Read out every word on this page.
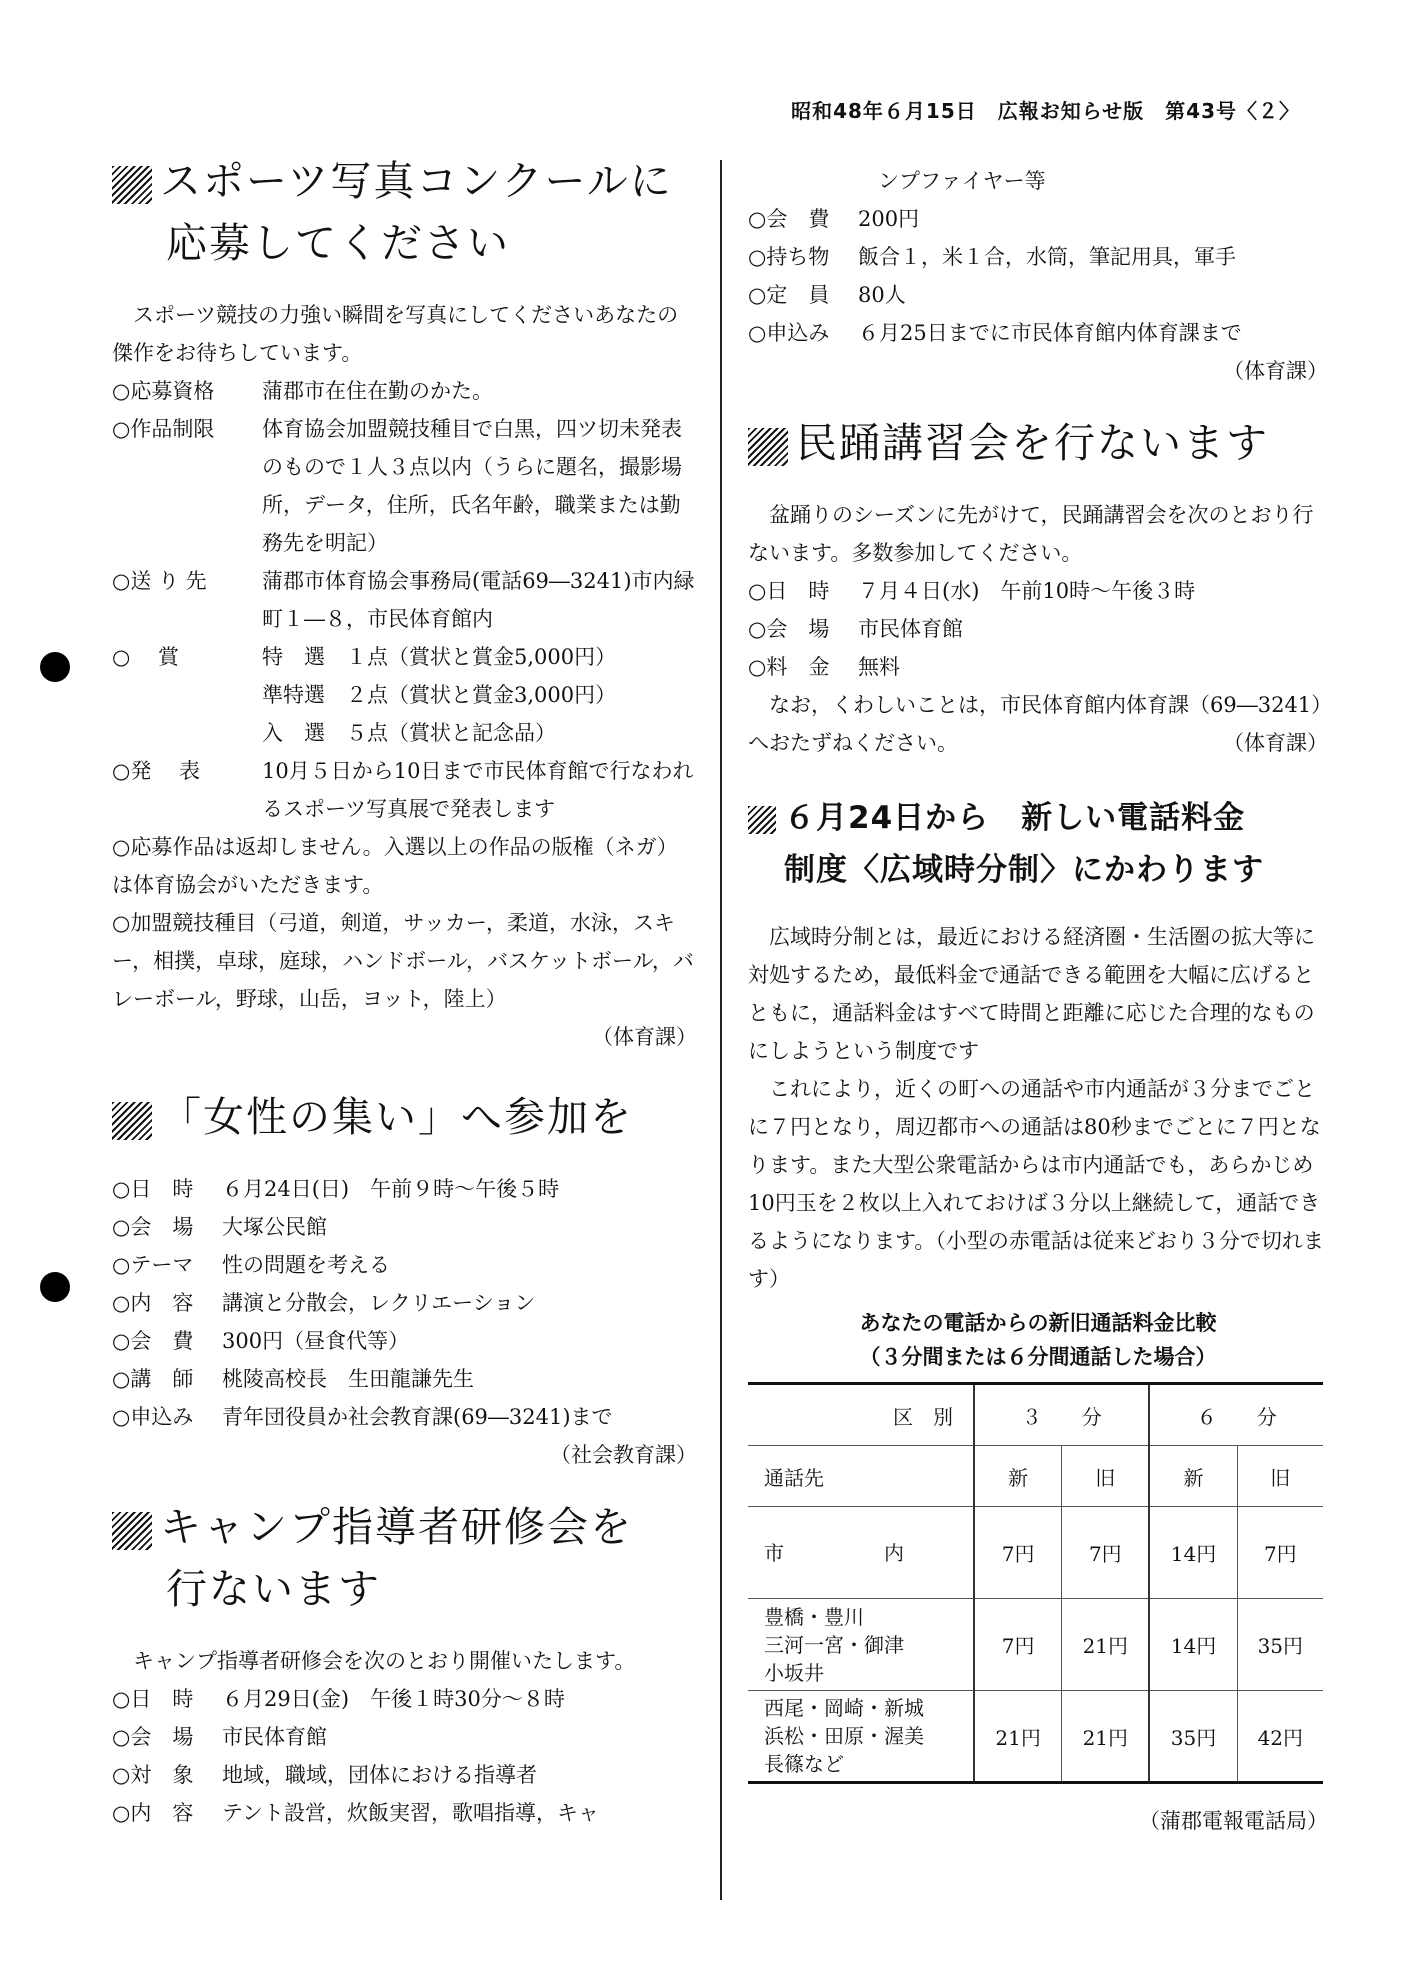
昭和48年６月15日　広報お知らせ版　第43号〈２〉
スポーツ写真コンクールに
応募してください

スポーツ競技の力強い瞬間を写真にしてくださいあなたの傑作をお待ちしています。

○応募資格	蒲郡市在住在勤のかた。
○作品制限	体育協会加盟競技種目で白黒，四ツ切未発表のもので１人３点以内（うらに題名，撮影場所，データ，住所，氏名年齢，職業または勤務先を明記）
○送 り 先	蒲郡市体育協会事務局(電話69―3241)市内緑町１―８，市民体育館内
○　 賞	特　選　１点（賞状と賞金5,000円）
準特選　２点（賞状と賞金3,000円）
入　選　５点（賞状と記念品）
○発　 表	10月５日から10日まで市民体育館で行なわれるスポーツ写真展で発表します

○応募作品は返却しません。入選以上の作品の版権（ネガ）は体育協会がいただきます。

○加盟競技種目（弓道，剣道，サッカー，柔道，水泳，スキー，相撲，卓球，庭球，ハンドボール，バスケットボール，バレーボール，野球，山岳，ヨット，陸上）

（体育課）
「女性の集い」へ参加を
○日　時	６月24日(日)　午前９時～午後５時
○会　場	大塚公民館
○テーマ	性の問題を考える
○内　容	講演と分散会，レクリエーション
○会　費	300円（昼食代等）
○講　師	桃陵高校長　生田龍謙先生
○申込み	青年団役員か社会教育課(69―3241)まで
（社会教育課）
キャンプ指導者研修会を
行ないます

キャンプ指導者研修会を次のとおり開催いたします。

○日　時	６月29日(金)　午後１時30分～８時
○会　場	市民体育館
○対　象	地域，職域，団体における指導者
○内　容	テント設営，炊飯実習，歌唱指導，キャ

ンプファイヤー等

○会　費	200円
○持ち物	飯合１，米１合，水筒，筆記用具，軍手
○定　員	80人
○申込み	６月25日までに市民体育館内体育課まで
（体育課）
民踊講習会を行ないます

盆踊りのシーズンに先がけて，民踊講習会を次のとおり行ないます。多数参加してください。

○日　時	７月４日(水)　午前10時～午後３時
○会　場	市民体育館
○料　金	無料

なお，くわしいことは，市民体育館内体育課（69―3241）へおたずねください。	（体育課）
６月24日から　新しい電話料金
制度〈広域時分制〉にかわります

広域時分制とは，最近における経済圏・生活圏の拡大等に対処するため，最低料金で通話できる範囲を大幅に広げるとともに，通話料金はすべて時間と距離に応じた合理的なものにしようという制度です

これにより，近くの町への通話や市内通話が３分までごとに７円となり，周辺都市への通話は80秒までごとに７円となります。また大型公衆電話からは市内通話でも，あらかじめ10円玉を２枚以上入れておけば３分以上継続して，通話できるようになります。（小型の赤電話は従来どおり３分で切れます）

あなたの電話からの新旧通話料金比較
（３分間または６分間通話した場合）
区　別	３　　分		６　　分	
通話先	新	旧	新	旧
市　　　　　内	7円	7円	14円	7円
豊橋・豊川
三河一宮・御津
小坂井	7円	21円	14円	35円
西尾・岡崎・新城
浜松・田原・渥美
長篠など	21円	21円	35円	42円
（蒲郡電報電話局）
